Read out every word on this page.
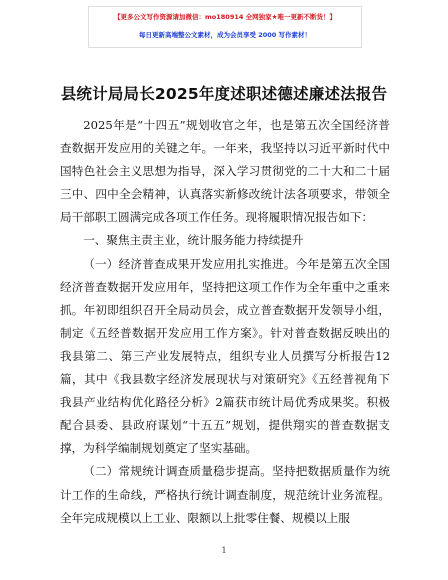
【更多公文写作资源请加微信：mo180914 全网独家★唯一更新不断货！】
每日更新高端整公文素材，成为会员享受 2000 写作素材！
县统计局局长2025年度述职述德述廉述法报告

2025年是“十四五”规划收官之年，也是第五次全国经济普查数据开发应用的关键之年。一年来，我坚持以习近平新时代中国特色社会主义思想为指导，深入学习贯彻党的二十大和二十届三中、四中全会精神，认真落实新修改统计法各项要求，带领全局干部职工圆满完成各项工作任务。现将履职情况报告如下：

一、聚焦主责主业，统计服务能力持续提升

（一）经济普查成果开发应用扎实推进。今年是第五次全国经济普查数据开发应用年，坚持把这项工作作为全年重中之重来抓。年初即组织召开全局动员会，成立普查数据开发领导小组，制定《五经普数据开发应用工作方案》。针对普查数据反映出的我县第二、第三产业发展特点，组织专业人员撰写分析报告12篇，其中《我县数字经济发展现状与对策研究》《五经普视角下我县产业结构优化路径分析》2篇获市统计局优秀成果奖。积极配合县委、县政府谋划“十五五”规划，提供翔实的普查数据支撑，为科学编制规划奠定了坚实基础。

（二）常规统计调查质量稳步提高。坚持把数据质量作为统计工作的生命线，严格执行统计调查制度，规范统计业务流程。全年完成规模以上工业、限额以上批零住餐、规模以上服

1
